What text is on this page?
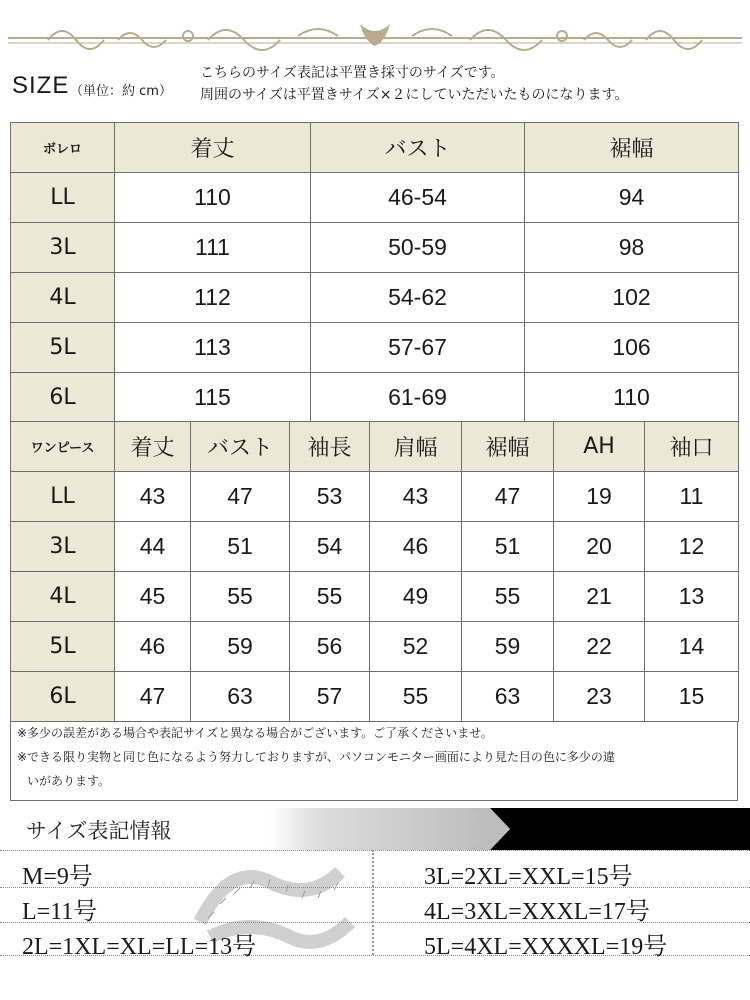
SIZE （単位：約 cm）
こちらのサイズ表記は平置き採寸のサイズです。
周囲のサイズは平置きサイズ×２にしていただいたものになります。
ボレロ	着丈	バスト	裾幅
LL	110	46-54	94
3L	111	50-59	98
4L	112	54-62	102
5L	113	57-67	106
6L	115	61-69	110
ワンピース	着丈	バスト	袖長	肩幅	裾幅	AH	袖口
LL	43	47	53	43	47	19	11
3L	44	51	54	46	51	20	12
4L	45	55	55	49	55	21	13
5L	46	59	56	52	59	22	14
6L	47	63	57	55	63	23	15
※多少の誤差がある場合や表記サイズと異なる場合がございます。ご了承くださいませ。
※できる限り実物と同じ色になるよう努力しておりますが、パソコンモニター画面により見た目の色に多少の違
いがあります。
サイズ表記情報
M=9号
L=11号
2L=1XL=XL=LL=13号
3L=2XL=XXL=15号
4L=3XL=XXXL=17号
5L=4XL=XXXXL=19号
